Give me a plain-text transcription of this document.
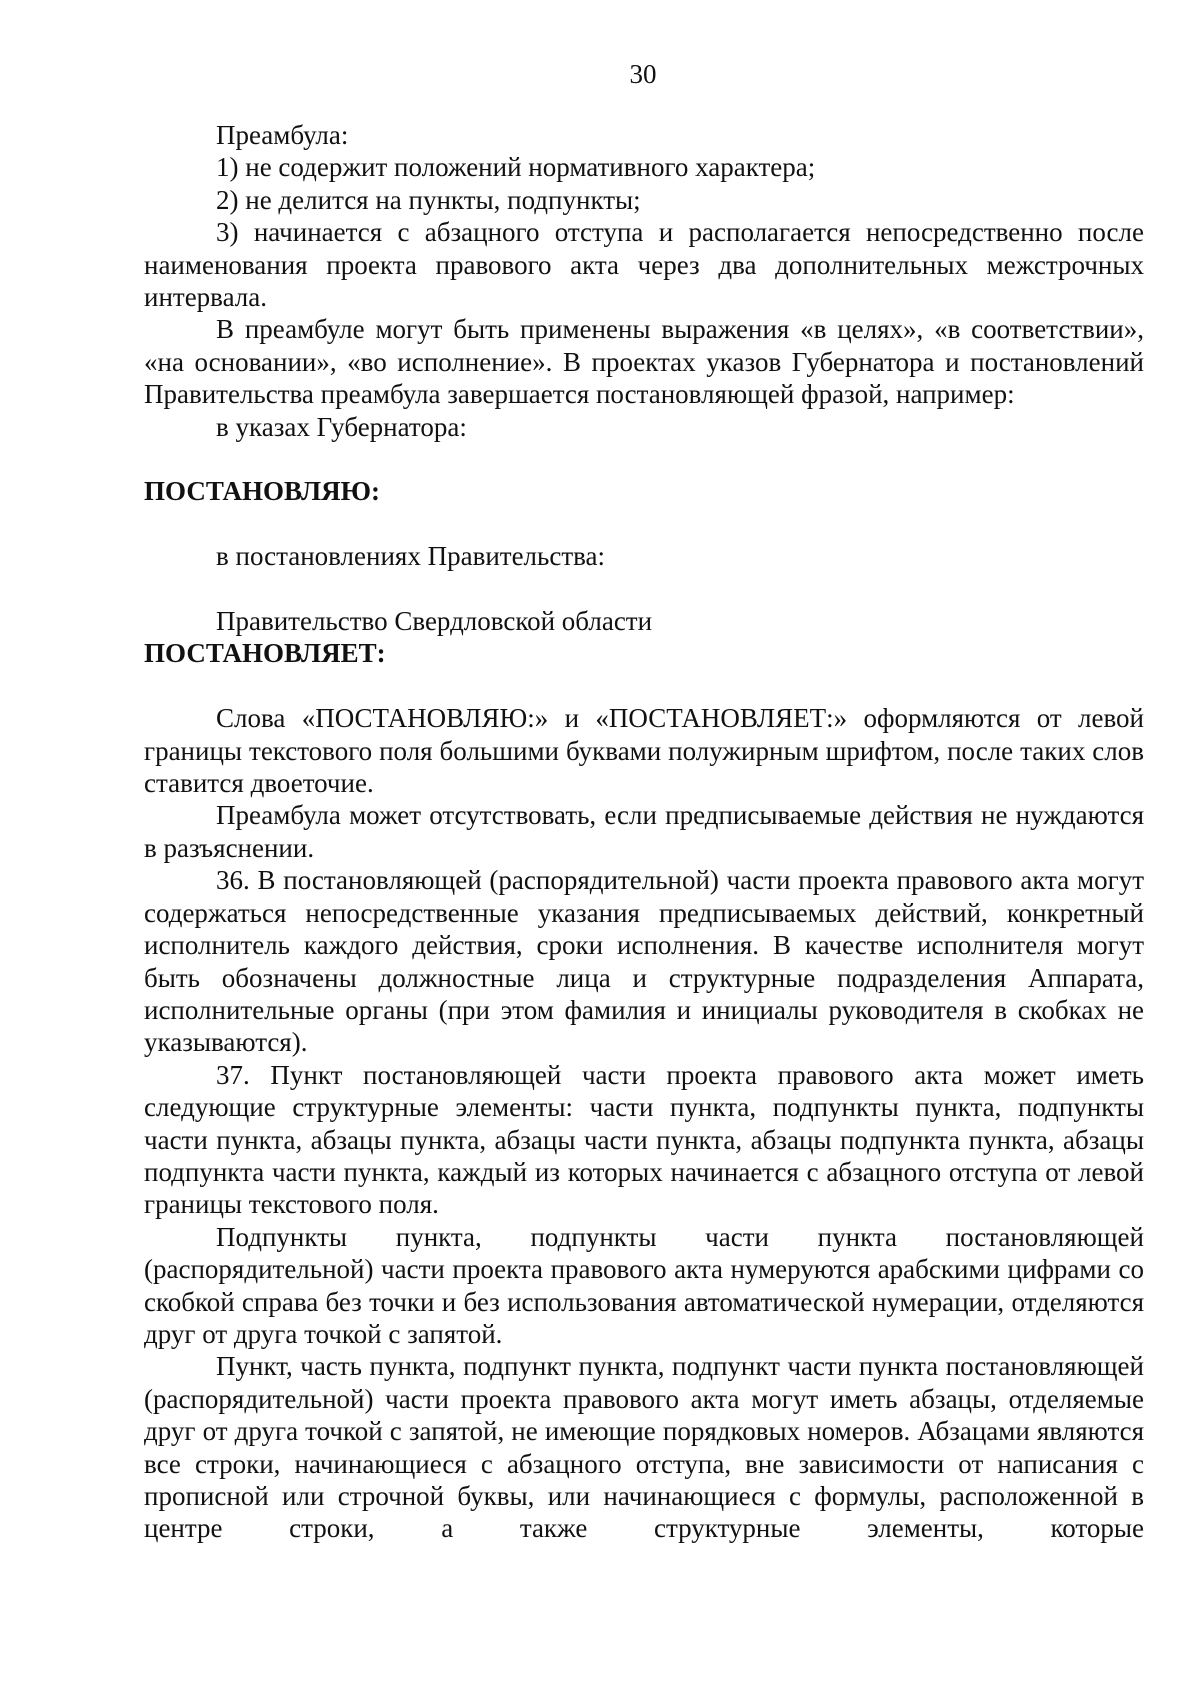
30

Преамбула:

1) не содержит положений нормативного характера;

2) не делится на пункты, подпункты;

3) начинается с абзацного отступа и располагается непосредственно после наименования проекта правового акта через два дополнительных межстрочных интервала.

В преамбуле могут быть применены выражения «в целях», «в соответствии», «на основании», «во исполнение». В проектах указов Губернатора и постановлений Правительства преамбула завершается постановляющей фразой, например:

в указах Губернатора:

ПОСТАНОВЛЯЮ:

в постановлениях Правительства:

Правительство Свердловской области

ПОСТАНОВЛЯЕТ:

Слова «ПОСТАНОВЛЯЮ:» и «ПОСТАНОВЛЯЕТ:» оформляются от левой границы текстового поля большими буквами полужирным шрифтом, после таких слов ставится двоеточие.

Преамбула может отсутствовать, если предписываемые действия не нуждаются в разъяснении.

36. В постановляющей (распорядительной) части проекта правового акта могут содержаться непосредственные указания предписываемых действий, конкретный исполнитель каждого действия, сроки исполнения. В качестве исполнителя могут быть обозначены должностные лица и структурные подразделения Аппарата, исполнительные органы (при этом фамилия и инициалы руководителя в скобках не указываются).

37. Пункт постановляющей части проекта правового акта может иметь следующие структурные элементы: части пункта, подпункты пункта, подпункты части пункта, абзацы пункта, абзацы части пункта, абзацы подпункта пункта, абзацы подпункта части пункта, каждый из которых начинается с абзацного отступа от левой границы текстового поля.

Подпункты пункта, подпункты части пункта постановляющей (распорядительной) части проекта правового акта нумеруются арабскими цифрами со скобкой справа без точки и без использования автоматической нумерации, отделяются друг от друга точкой с запятой.

Пункт, часть пункта, подпункт пункта, подпункт части пункта постановляющей (распорядительной) части проекта правового акта могут иметь абзацы, отделяемые друг от друга точкой с запятой, не имеющие порядковых номеров. Абзацами являются все строки, начинающиеся с абзацного отступа, вне зависимости от написания с прописной или строчной буквы, или начинающиеся с формулы, расположенной в центре строки, а также структурные элементы, которые
